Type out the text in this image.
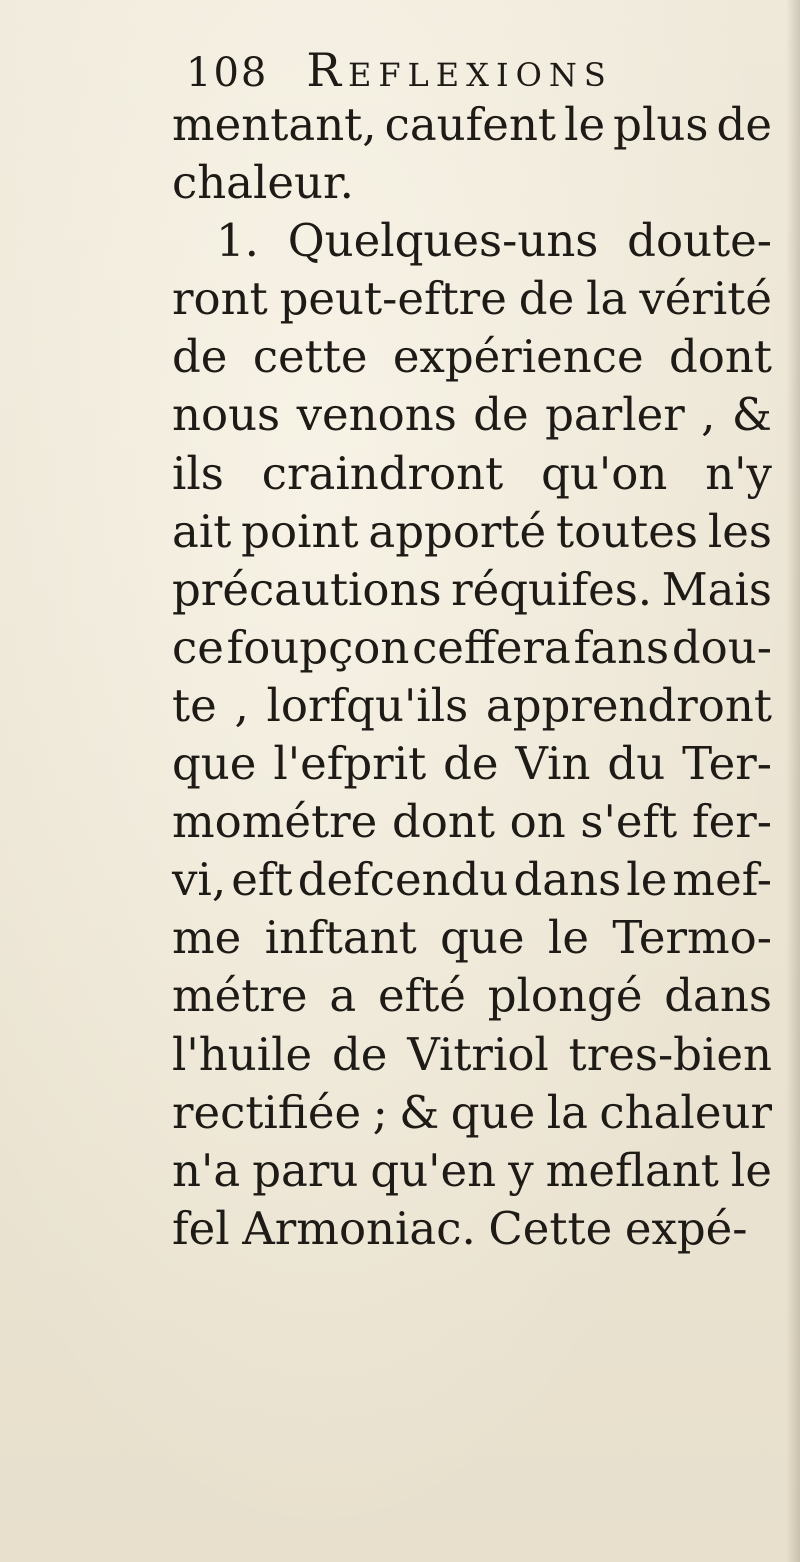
108 Reflexions
mentant, caufent le plus de
chaleur.
1. Quelques-uns doute-
ront peut-eftre de la vérité
de cette expérience dont
nous venons de parler , &
ils craindront qu'on n'y
ait point apporté toutes les
précautions réquifes. Mais
ce foupçon ceffera fans dou-
te , lorfqu'ils apprendront
que l'efprit de Vin du Ter-
mométre dont on s'eft fer-
vi, eft defcendu dans le mef-
me inftant que le Termo-
métre a efté plongé dans
l'huile de Vitriol tres-bien
rectifiée ; & que la chaleur
n'a paru qu'en y meflant le
fel Armoniac. Cette expé-
